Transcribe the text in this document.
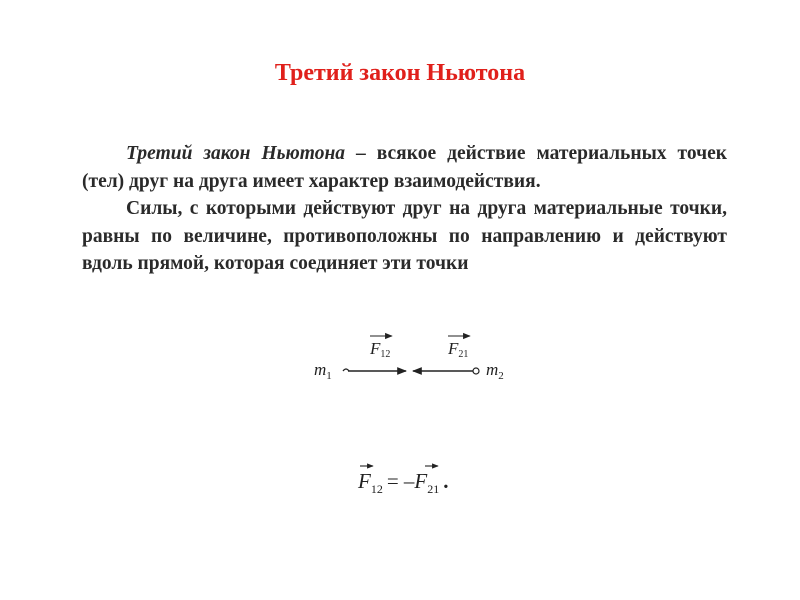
Третий закон Ньютона

Третий закон Ньютона – всякое действие материальных точек (тел) друг на друга имеет характер взаимодействия.

Силы, с которыми действуют друг на друга материальные точки, равны по величине, противоположны по направлению и действуют вдоль прямой, которая соединяет эти точки

$m_1$	$m_2$
F12	F21
$F_{12} = -F_{21}$ .
